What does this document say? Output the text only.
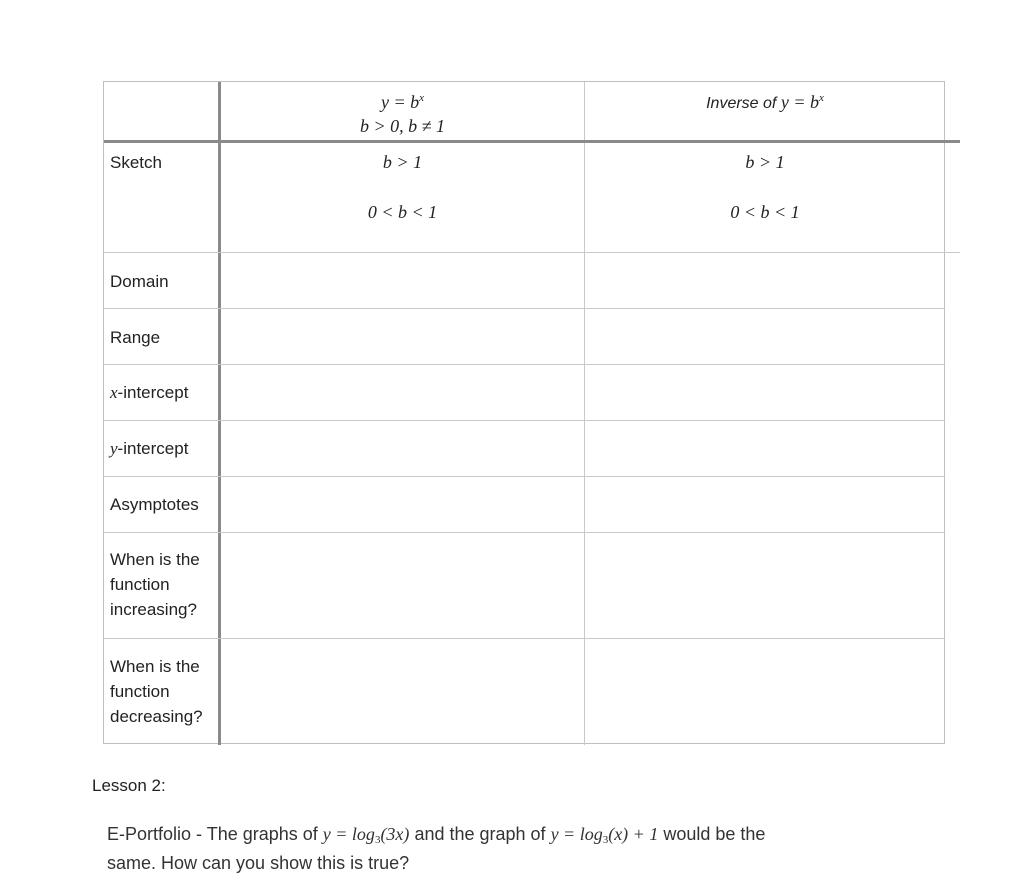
$y = b^x$
b > 0, b ≠ 1
Inverse of $y = b^x$
Sketch	b > 1
0 < b < 1
b > 1
0 < b < 1
Domain
Range
x-intercept
y-intercept
Asymptotes
When is the
function
increasing?
When is the
function
decreasing?
Lesson 2:
E-Portfolio - The graphs of $y = \log_3(3x)$ and the graph of $y = \log_3(x) + 1$ would be the
same. How can you show this is true?
